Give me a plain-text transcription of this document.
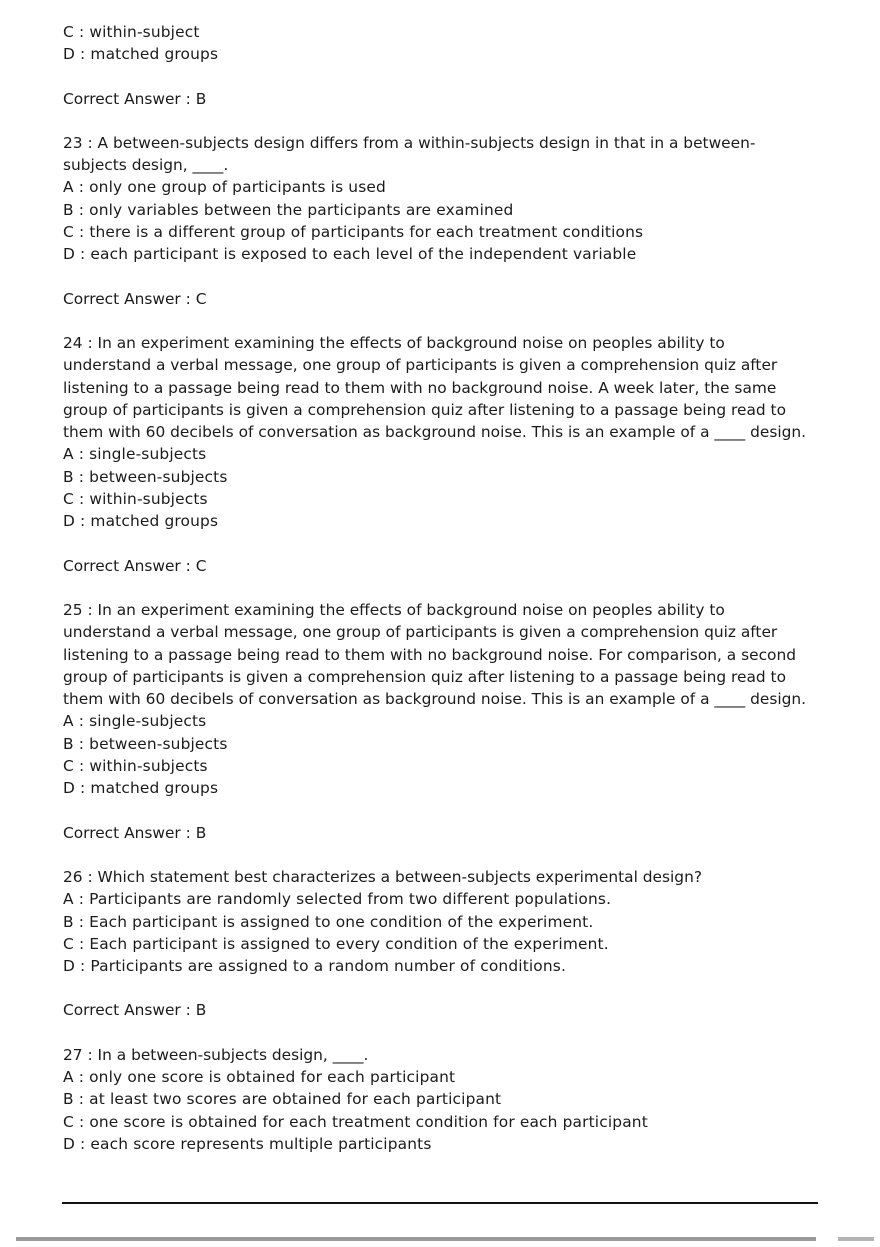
C : within-subject
D : matched groups
Correct Answer : B
23 : A between-subjects design differs from a within-subjects design in that in a between-subjects design, ____.
A : only one group of participants is used
B : only variables between the participants are examined
C : there is a different group of participants for each treatment conditions
D : each participant is exposed to each level of the independent variable
Correct Answer : C
24 : In an experiment examining the effects of background noise on peoples ability to understand a verbal message, one group of participants is given a comprehension quiz after listening to a passage being read to them with no background noise. A week later, the same group of participants is given a comprehension quiz after listening to a passage being read to them with 60 decibels of conversation as background noise. This is an example of a ____ design.
A : single-subjects
B : between-subjects
C : within-subjects
D : matched groups
Correct Answer : C
25 : In an experiment examining the effects of background noise on peoples ability to understand a verbal message, one group of participants is given a comprehension quiz after listening to a passage being read to them with no background noise. For comparison, a second group of participants is given a comprehension quiz after listening to a passage being read to them with 60 decibels of conversation as background noise. This is an example of a ____ design.
A : single-subjects
B : between-subjects
C : within-subjects
D : matched groups
Correct Answer : B
26 : Which statement best characterizes a between-subjects experimental design?
A : Participants are randomly selected from two different populations.
B : Each participant is assigned to one condition of the experiment.
C : Each participant is assigned to every condition of the experiment.
D : Participants are assigned to a random number of conditions.
Correct Answer : B
27 : In a between-subjects design, ____.
A : only one score is obtained for each participant
B : at least two scores are obtained for each participant
C : one score is obtained for each treatment condition for each participant
D : each score represents multiple participants
